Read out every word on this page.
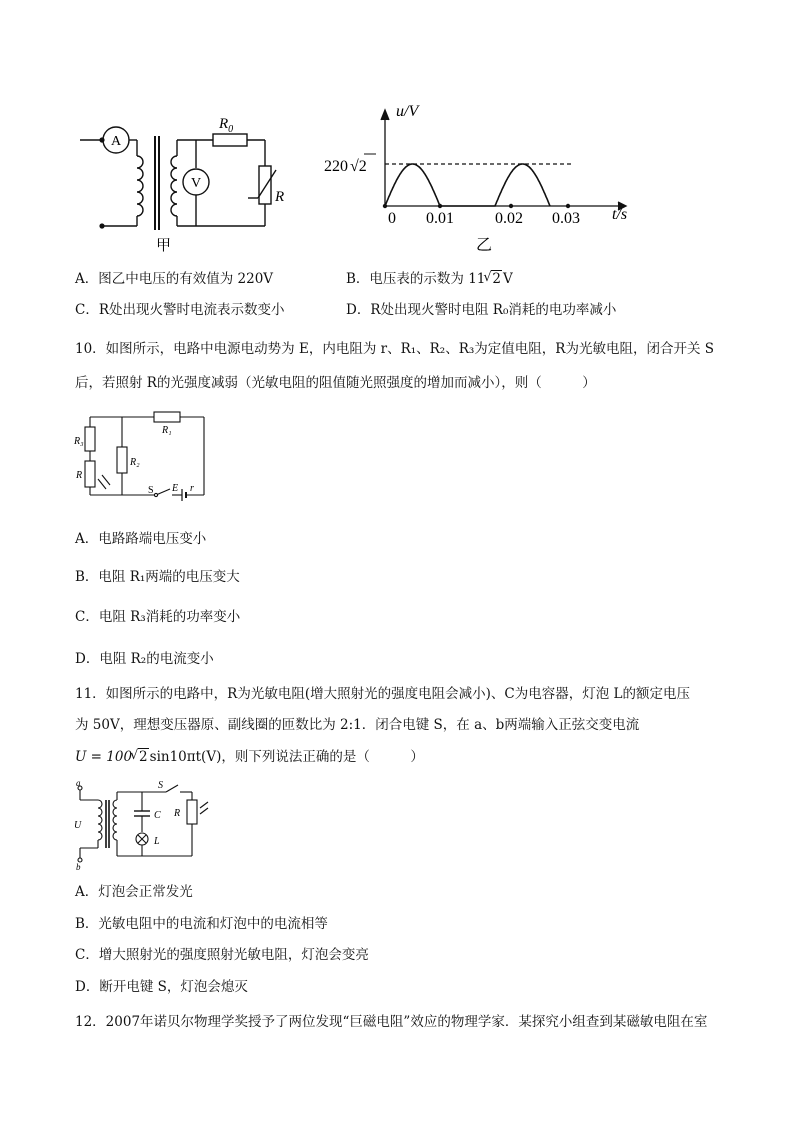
A
V
$R_0$
R
甲
u/V
220 √2
0 0.01	0.02 0.03 t/s
乙
A．图乙中电压的有效值为 220V	B．电压表的示数为 11 √ 2 V
C．R处出现火警时电流表示数变小	D．R处出现火警时电阻 R₀消耗的电功率减小
10．如图所示，电路中电源电动势为 E，内电阻为 r、R₁、R₂、R₃为定值电阻，R为光敏电阻，闭合开关 S
后，若照射 R的光强度减弱（光敏电阻的阻值随光照强度的增加而减小），则（　　　）
R₃
R
R₂
R₁
S E r
A．电路路端电压变小
B．电阻 R₁两端的电压变大
C．电阻 R₃消耗的功率变小
D．电阻 R₂的电流变小
11．如图所示的电路中，R为光敏电阻(增大照射光的强度电阻会减小)、C为电容器，灯泡 L的额定电压
为 50V，理想变压器原、副线圈的匝数比为 2:1．闭合电键 S，在 a、b两端输入正弦交变电流
U = 100 √ 2 sin10πt(V)，则下列说法正确的是（　　　）
a
b
U
S
C R
L
A．灯泡会正常发光
B．光敏电阻中的电流和灯泡中的电流相等
C．增大照射光的强度照射光敏电阻，灯泡会变亮
D．断开电键 S，灯泡会熄灭
12．2007年诺贝尔物理学奖授予了两位发现“巨磁电阻”效应的物理学家．某探究小组查到某磁敏电阻在室
